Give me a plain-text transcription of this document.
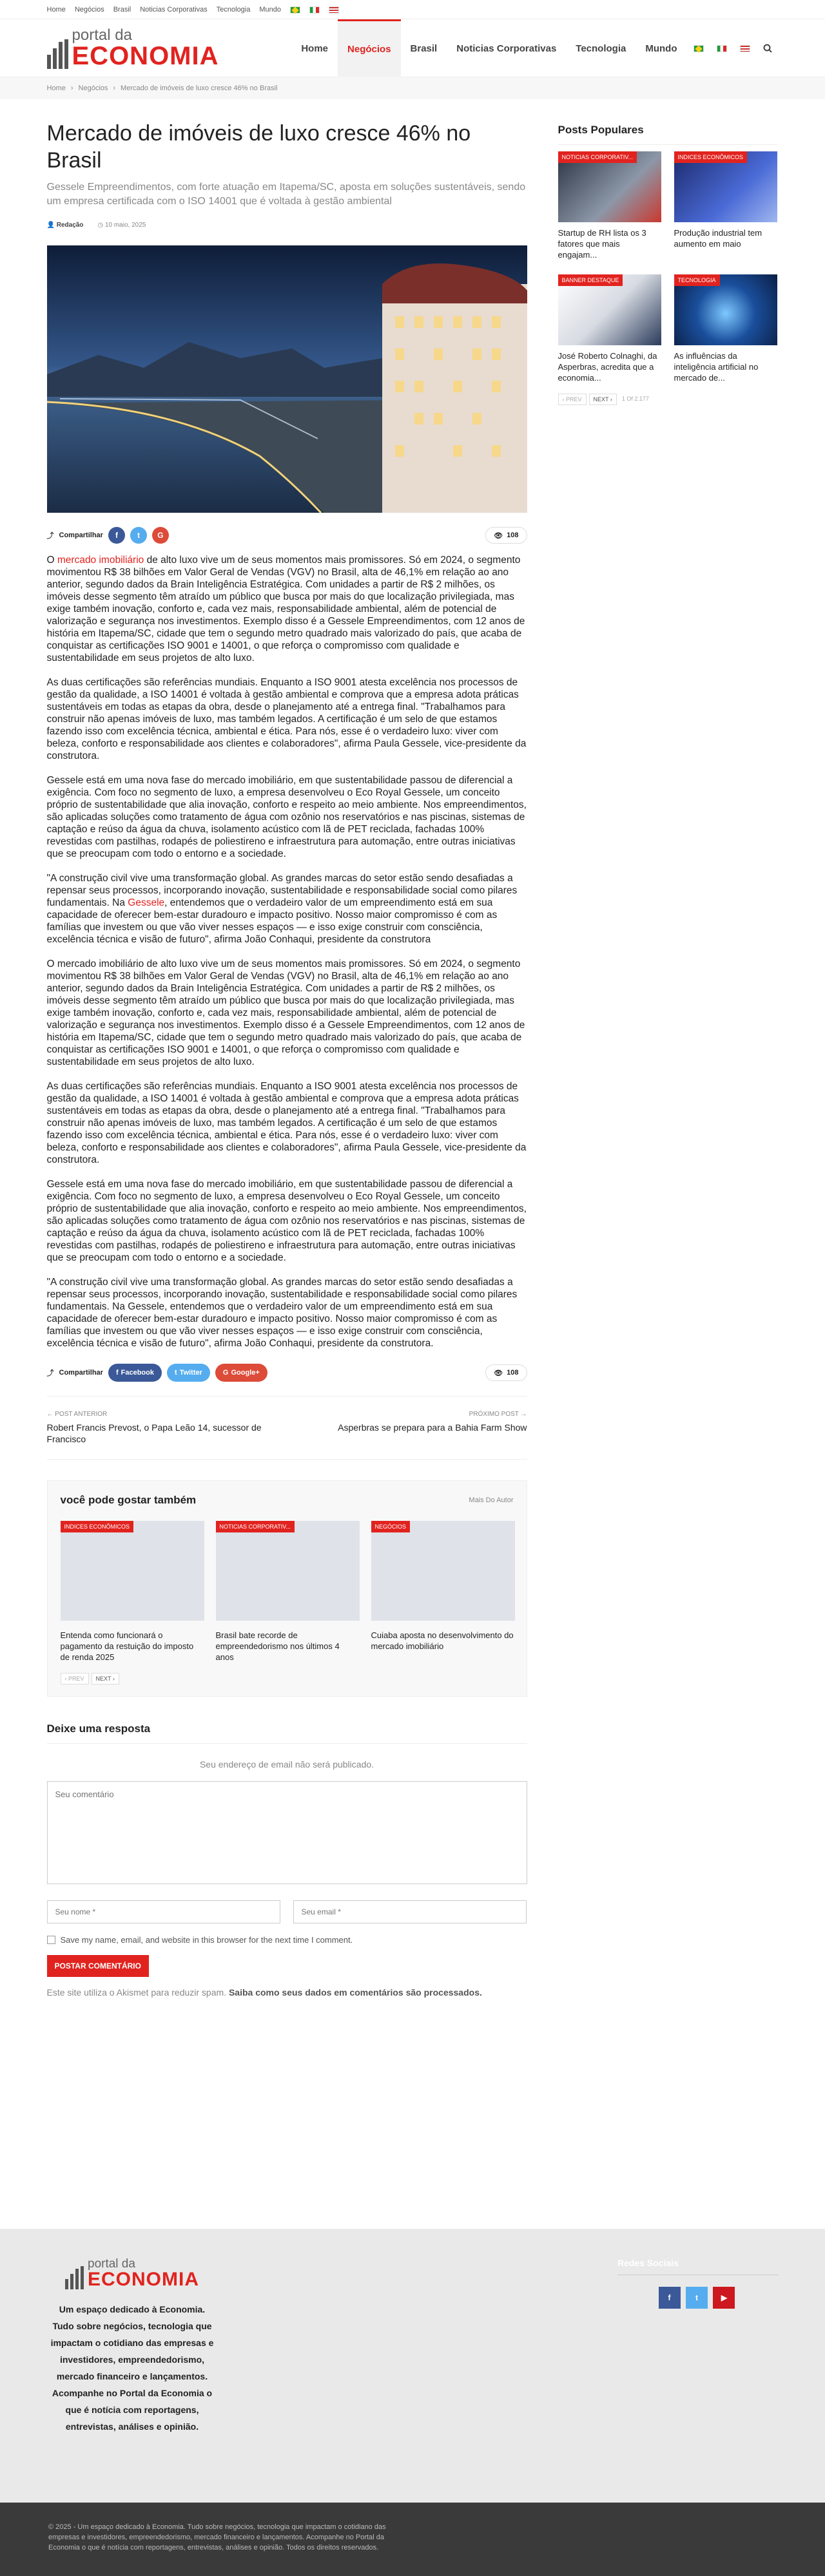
Home Negócios Brasil Noticias Corporativas Tecnologia Mundo
portal da
ECONOMIA	Home	Negócios	Brasil	Noticias Corporativas	Tecnologia	Mundo
Home › Negócios › Mercado de imóveis de luxo cresce 46% no Brasil
Mercado de imóveis de luxo cresce 46% no Brasil
Gessele Empreendimentos, com forte atuação em Itapema/SC, aposta em soluções sustentáveis, sendo um empresa certificada com o ISO 14001 que é voltada à gestão ambiental
👤 Redação ◷ 10 maio, 2025
⤴ Compartilhar	f	t	G	👁 108

O mercado imobiliário de alto luxo vive um de seus momentos mais promissores. Só em 2024, o segmento movimentou R$ 38 bilhões em Valor Geral de Vendas (VGV) no Brasil, alta de 46,1% em relação ao ano anterior, segundo dados da Brain Inteligência Estratégica. Com unidades a partir de R$ 2 milhões, os imóveis desse segmento têm atraído um público que busca por mais do que localização privilegiada, mas exige também inovação, conforto e, cada vez mais, responsabilidade ambiental, além de potencial de valorização e segurança nos investimentos. Exemplo disso é a Gessele Empreendimentos, com 12 anos de história em Itapema/SC, cidade que tem o segundo metro quadrado mais valorizado do país, que acaba de conquistar as certificações ISO 9001 e 14001, o que reforça o compromisso com qualidade e sustentabilidade em seus projetos de alto luxo.

As duas certificações são referências mundiais. Enquanto a ISO 9001 atesta excelência nos processos de gestão da qualidade, a ISO 14001 é voltada à gestão ambiental e comprova que a empresa adota práticas sustentáveis em todas as etapas da obra, desde o planejamento até a entrega final. "Trabalhamos para construir não apenas imóveis de luxo, mas também legados. A certificação é um selo de que estamos fazendo isso com excelência técnica, ambiental e ética. Para nós, esse é o verdadeiro luxo: viver com beleza, conforto e responsabilidade aos clientes e colaboradores", afirma Paula Gessele, vice-presidente da construtora.

Gessele está em uma nova fase do mercado imobiliário, em que sustentabilidade passou de diferencial a exigência. Com foco no segmento de luxo, a empresa desenvolveu o Eco Royal Gessele, um conceito próprio de sustentabilidade que alia inovação, conforto e respeito ao meio ambiente. Nos empreendimentos, são aplicadas soluções como tratamento de água com ozônio nos reservatórios e nas piscinas, sistemas de captação e reúso da água da chuva, isolamento acústico com lã de PET reciclada, fachadas 100% revestidas com pastilhas, rodapés de poliestireno e infraestrutura para automação, entre outras iniciativas que se preocupam com todo o entorno e a sociedade.

"A construção civil vive uma transformação global. As grandes marcas do setor estão sendo desafiadas a repensar seus processos, incorporando inovação, sustentabilidade e responsabilidade social como pilares fundamentais. Na Gessele, entendemos que o verdadeiro valor de um empreendimento está em sua capacidade de oferecer bem-estar duradouro e impacto positivo. Nosso maior compromisso é com as famílias que investem ou que vão viver nesses espaços — e isso exige construir com consciência, excelência técnica e visão de futuro", afirma João Conhaqui, presidente da construtora

O mercado imobiliário de alto luxo vive um de seus momentos mais promissores. Só em 2024, o segmento movimentou R$ 38 bilhões em Valor Geral de Vendas (VGV) no Brasil, alta de 46,1% em relação ao ano anterior, segundo dados da Brain Inteligência Estratégica. Com unidades a partir de R$ 2 milhões, os imóveis desse segmento têm atraído um público que busca por mais do que localização privilegiada, mas exige também inovação, conforto e, cada vez mais, responsabilidade ambiental, além de potencial de valorização e segurança nos investimentos. Exemplo disso é a Gessele Empreendimentos, com 12 anos de história em Itapema/SC, cidade que tem o segundo metro quadrado mais valorizado do país, que acaba de conquistar as certificações ISO 9001 e 14001, o que reforça o compromisso com qualidade e sustentabilidade em seus projetos de alto luxo.

As duas certificações são referências mundiais. Enquanto a ISO 9001 atesta excelência nos processos de gestão da qualidade, a ISO 14001 é voltada à gestão ambiental e comprova que a empresa adota práticas sustentáveis em todas as etapas da obra, desde o planejamento até a entrega final. "Trabalhamos para construir não apenas imóveis de luxo, mas também legados. A certificação é um selo de que estamos fazendo isso com excelência técnica, ambiental e ética. Para nós, esse é o verdadeiro luxo: viver com beleza, conforto e responsabilidade aos clientes e colaboradores", afirma Paula Gessele, vice-presidente da construtora.

Gessele está em uma nova fase do mercado imobiliário, em que sustentabilidade passou de diferencial a exigência. Com foco no segmento de luxo, a empresa desenvolveu o Eco Royal Gessele, um conceito próprio de sustentabilidade que alia inovação, conforto e respeito ao meio ambiente. Nos empreendimentos, são aplicadas soluções como tratamento de água com ozônio nos reservatórios e nas piscinas, sistemas de captação e reúso da água da chuva, isolamento acústico com lã de PET reciclada, fachadas 100% revestidas com pastilhas, rodapés de poliestireno e infraestrutura para automação, entre outras iniciativas que se preocupam com todo o entorno e a sociedade.

"A construção civil vive uma transformação global. As grandes marcas do setor estão sendo desafiadas a repensar seus processos, incorporando inovação, sustentabilidade e responsabilidade social como pilares fundamentais. Na Gessele, entendemos que o verdadeiro valor de um empreendimento está em sua capacidade de oferecer bem-estar duradouro e impacto positivo. Nosso maior compromisso é com as famílias que investem ou que vão viver nesses espaços — e isso exige construir com consciência, excelência técnica e visão de futuro", afirma João Conhaqui, presidente da construtora.

⤴ Compartilhar f Facebook	t Twitter	G Google+	👁 108
← POST ANTERIOR
Robert Francis Prevost, o Papa Leão 14, sucessor de Francisco
PRÓXIMO POST →
Asperbras se prepara para a Bahia Farm Show
você pode gostar também	Mais Do Autor
INDICES ECONÔMICOS
Entenda como funcionará o pagamento da restuição do imposto de renda 2025
NOTICIAS CORPORATIV...
Brasil bate recorde de empreendedorismo nos últimos 4 anos
NEGÓCIOS
Cuiaba aposta no desenvolvimento do mercado imobiliário
‹ PREV	NEXT ›
Deixe uma resposta
Seu endereço de email não será publicado.
Seu comentário
Seu nome *
Seu email *
Save my name, email, and website in this browser for the next time I comment.
POSTAR COMENTÁRIO
Este site utiliza o Akismet para reduzir spam. Saiba como seus dados em comentários são processados.
Posts Populares
NOTICIAS CORPORATIV...
Startup de RH lista os 3 fatores que mais engajam...
INDICES ECONÔMICOS
Produção industrial tem aumento em maio
BANNER DESTAQUE
José Roberto Colnaghi, da Asperbras, acredita que a economia...
TECNOLOGIA
As influências da inteligência artificial no mercado de...
‹ PREV	NEXT ›	1 Of 2.177
portal da
ECONOMIA
Um espaço dedicado à Economia. Tudo sobre negócios, tecnologia que impactam o cotidiano das empresas e investidores, empreendedorismo, mercado financeiro e lançamentos. Acompanhe no Portal da Economia o que é notícia com reportagens, entrevistas, análises e opinião.
Redes Sociais
f	t	▶
© 2025 - Um espaço dedicado à Economia. Tudo sobre negócios, tecnologia que impactam o cotidiano das empresas e investidores, empreendedorismo, mercado financeiro e lançamentos. Acompanhe no Portal da Economia o que é notícia com reportagens, entrevistas, análises e opinião. Todos os direitos reservados.
